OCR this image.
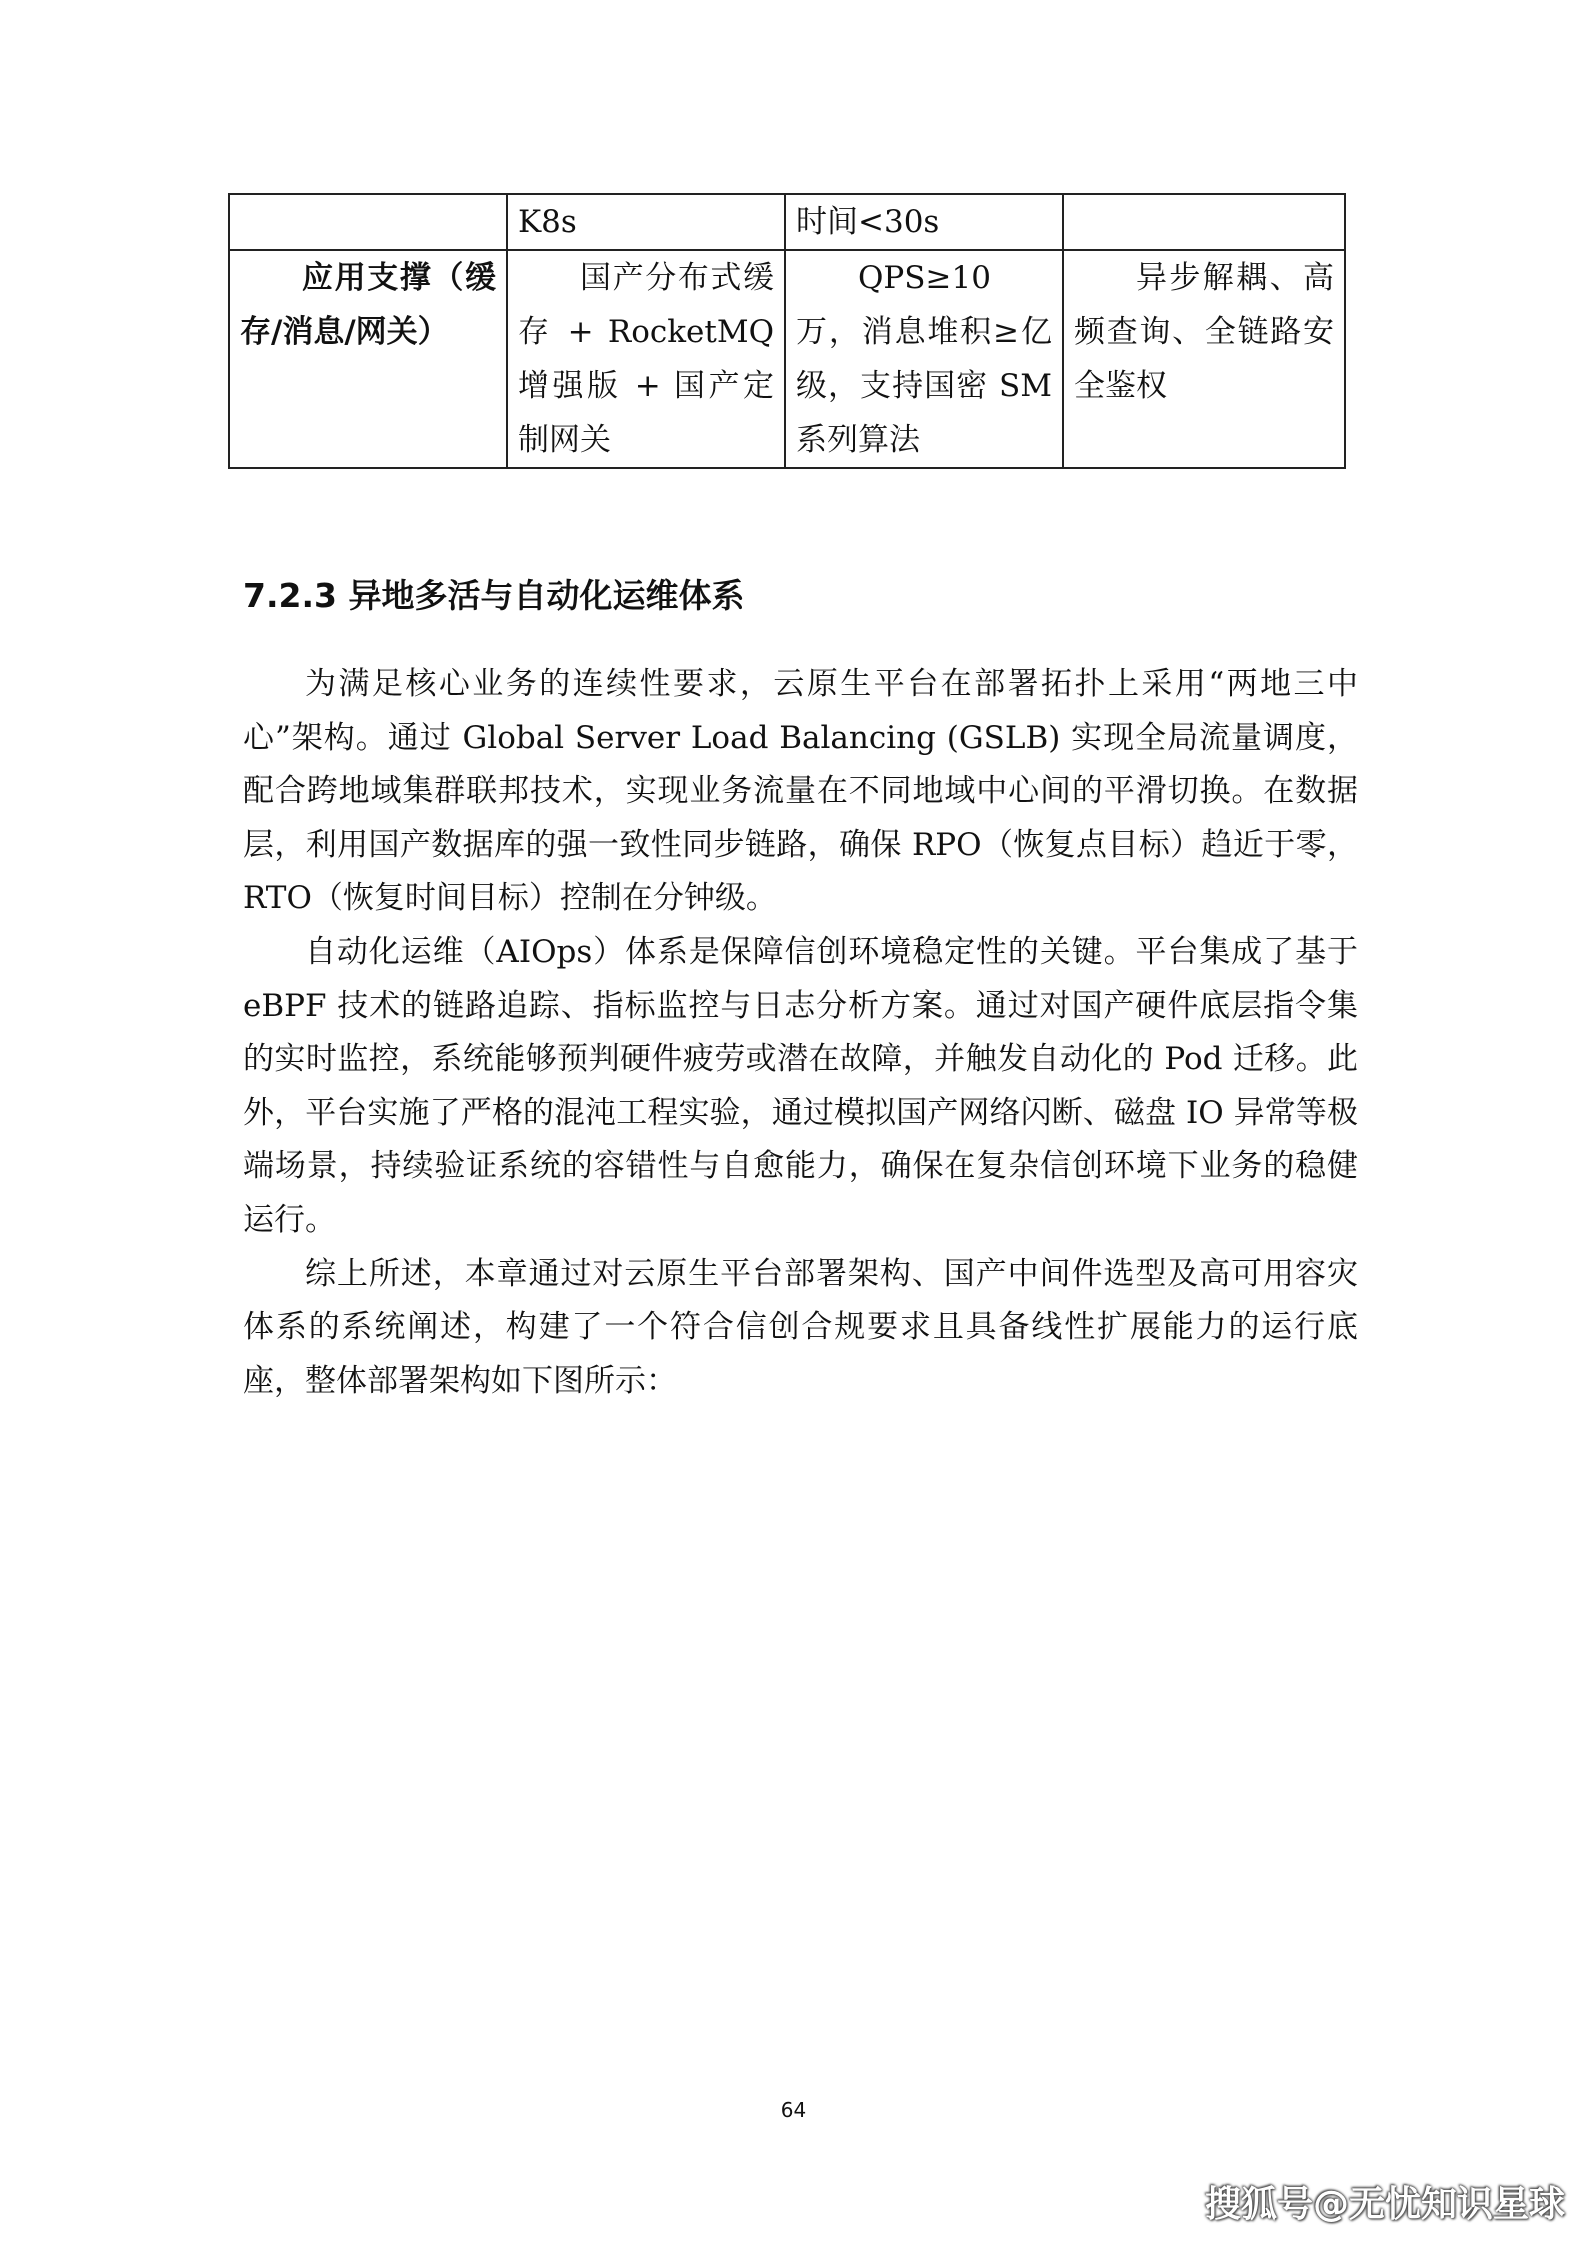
	K8s	时间<30s	
应用支撑（缓存/消息/网关）	国产分布式缓存 + RocketMQ 增强版 + 国产定制网关	QPS≥10 万，消息堆积≥亿级，支持国密 SM 系列算法	异步解耦、高频查询、全链路安全鉴权
7.2.3 异地多活与自动化运维体系

为满足核心业务的连续性要求，云原生平台在部署拓扑上采用“两地三中心”架构。通过 Global Server Load Balancing (GSLB) 实现全局流量调度，配合跨地域集群联邦技术，实现业务流量在不同地域中心间的平滑切换。在数据层，利用国产数据库的强一致性同步链路，确保 RPO（恢复点目标）趋近于零，RTO（恢复时间目标）控制在分钟级。

自动化运维（AIOps）体系是保障信创环境稳定性的关键。平台集成了基于 eBPF 技术的链路追踪、指标监控与日志分析方案。通过对国产硬件底层指令集的实时监控，系统能够预判硬件疲劳或潜在故障，并触发自动化的 Pod 迁移。此外，平台实施了严格的混沌工程实验，通过模拟国产网络闪断、磁盘 IO 异常等极端场景，持续验证系统的容错性与自愈能力，确保在复杂信创环境下业务的稳健运行。

综上所述，本章通过对云原生平台部署架构、国产中间件选型及高可用容灾体系的系统阐述，构建了一个符合信创合规要求且具备线性扩展能力的运行底座，整体部署架构如下图所示：

64
搜狐号@无忧知识星球
